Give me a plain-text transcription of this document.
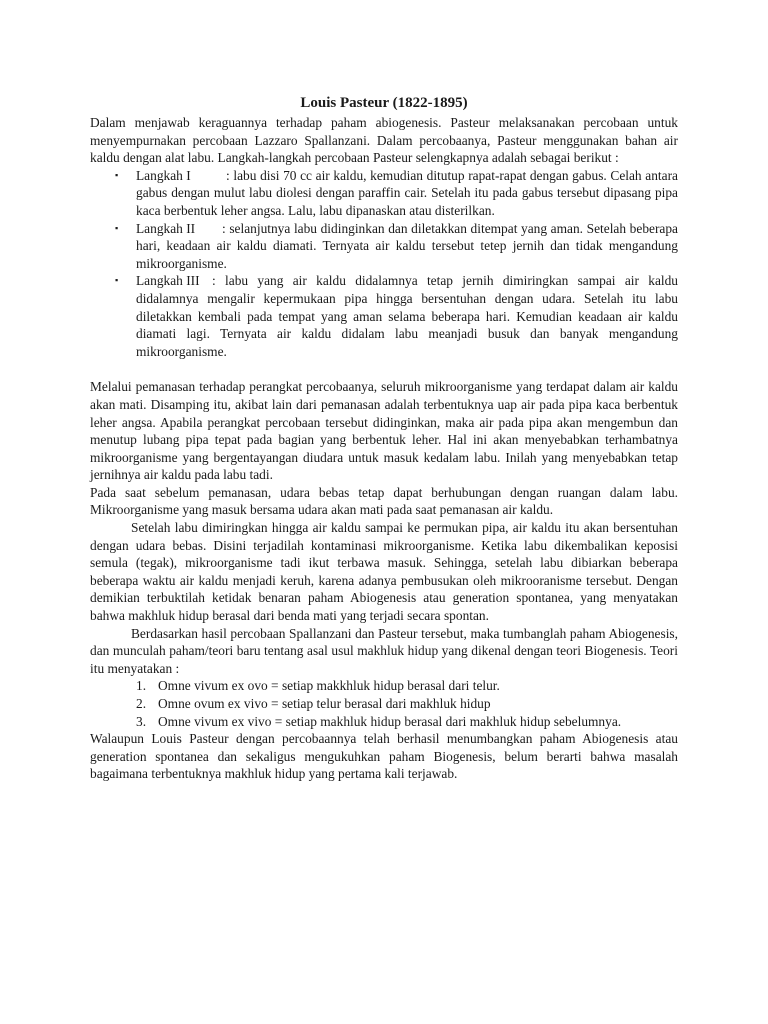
Louis Pasteur (1822-1895)

Dalam menjawab keraguannya terhadap paham abiogenesis. Pasteur melaksanakan percobaan untuk menyempurnakan percobaan Lazzaro Spallanzani. Dalam percobaanya, Pasteur menggunakan bahan air kaldu dengan alat labu. Langkah-langkah percobaan Pasteur selengkapnya adalah sebagai berikut :

▪ Langkah I	: labu disi 70 cc air kaldu, kemudian ditutup rapat-rapat dengan gabus. Celah antara gabus dengan mulut labu diolesi dengan paraffin cair. Setelah itu pada gabus tersebut dipasang pipa kaca berbentuk leher angsa. Lalu, labu dipanaskan atau disterilkan.
▪ Langkah II : selanjutnya labu didinginkan dan diletakkan ditempat yang aman. Setelah beberapa hari, keadaan air kaldu diamati. Ternyata air kaldu tersebut tetep jernih dan tidak mengandung mikroorganisme.
▪ Langkah III : labu yang air kaldu didalamnya tetap jernih dimiringkan sampai air kaldu didalamnya mengalir kepermukaan pipa hingga bersentuhan dengan udara. Setelah itu labu diletakkan kembali pada tempat yang aman selama beberapa hari. Kemudian keadaan air kaldu diamati lagi. Ternyata air kaldu didalam labu meanjadi busuk dan banyak mengandung mikroorganisme.

Melalui pemanasan terhadap perangkat percobaanya, seluruh mikroorganisme yang terdapat dalam air kaldu akan mati. Disamping itu, akibat lain dari pemanasan adalah terbentuknya uap air pada pipa kaca berbentuk leher angsa. Apabila perangkat percobaan tersebut didinginkan, maka air pada pipa akan mengembun dan menutup lubang pipa tepat pada bagian yang berbentuk leher. Hal ini akan menyebabkan terhambatnya mikroorganisme yang bergentayangan diudara untuk masuk kedalam labu. Inilah yang menyebabkan tetap jernihnya air kaldu pada labu tadi.

Pada saat sebelum pemanasan, udara bebas tetap dapat berhubungan dengan ruangan dalam labu. Mikroorganisme yang masuk bersama udara akan mati pada saat pemanasan air kaldu.

Setelah labu dimiringkan hingga air kaldu sampai ke permukan pipa, air kaldu itu akan bersentuhan dengan udara bebas. Disini terjadilah kontaminasi mikroorganisme. Ketika labu dikembalikan keposisi semula (tegak), mikroorganisme tadi ikut terbawa masuk. Sehingga, setelah labu dibiarkan beberapa beberapa waktu air kaldu menjadi keruh, karena adanya pembusukan oleh mikrooranisme tersebut. Dengan demikian terbuktilah ketidak benaran paham Abiogenesis atau generation spontanea, yang menyatakan bahwa makhluk hidup berasal dari benda mati yang terjadi secara spontan.

Berdasarkan hasil percobaan Spallanzani dan Pasteur tersebut, maka tumbanglah paham Abiogenesis, dan munculah paham/teori baru tentang asal usul makhluk hidup yang dikenal dengan teori Biogenesis. Teori itu menyatakan :

1. Omne vivum ex ovo = setiap makkhluk hidup berasal dari telur.
2. Omne ovum ex vivo = setiap telur berasal dari makhluk hidup
3. Omne vivum ex vivo = setiap makhluk hidup berasal dari makhluk hidup sebelumnya.

Walaupun Louis Pasteur dengan percobaannya telah berhasil menumbangkan paham Abiogenesis atau generation spontanea dan sekaligus mengukuhkan paham Biogenesis, belum berarti bahwa masalah bagaimana terbentuknya makhluk hidup yang pertama kali terjawab.
